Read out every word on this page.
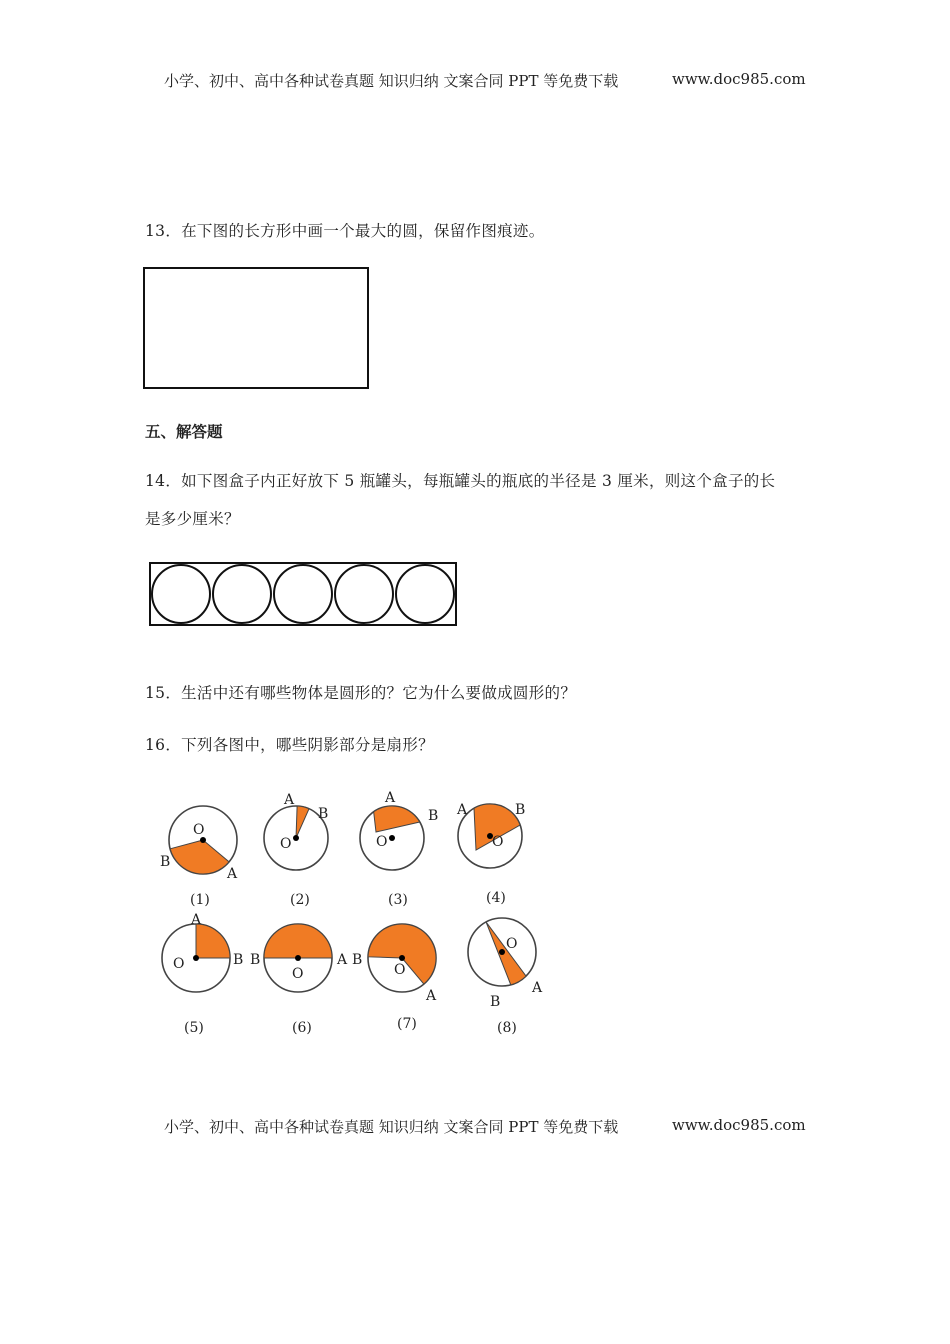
小学、初中、高中各种试卷真题 知识归纳 文案合同 PPT 等免费下载	www.doc985.com
13．在下图的长方形中画一个最大的圆，保留作图痕迹。
五、解答题
14．如下图盒子内正好放下 5 瓶罐头，每瓶罐头的瓶底的半径是 3 厘米，则这个盒子的长
是多少厘米？
15．生活中还有哪些物体是圆形的？它为什么要做成圆形的？
16．下列各图中，哪些阴影部分是扇形？
O
B
A
(1)
O
A
B
(2)
O
A
B
(3)
O
A	B
(4)
O
A
B
(5)
O
B	A
(6)
O
B
A
(7)
O
B
A
(8)
小学、初中、高中各种试卷真题 知识归纳 文案合同 PPT 等免费下载	www.doc985.com
